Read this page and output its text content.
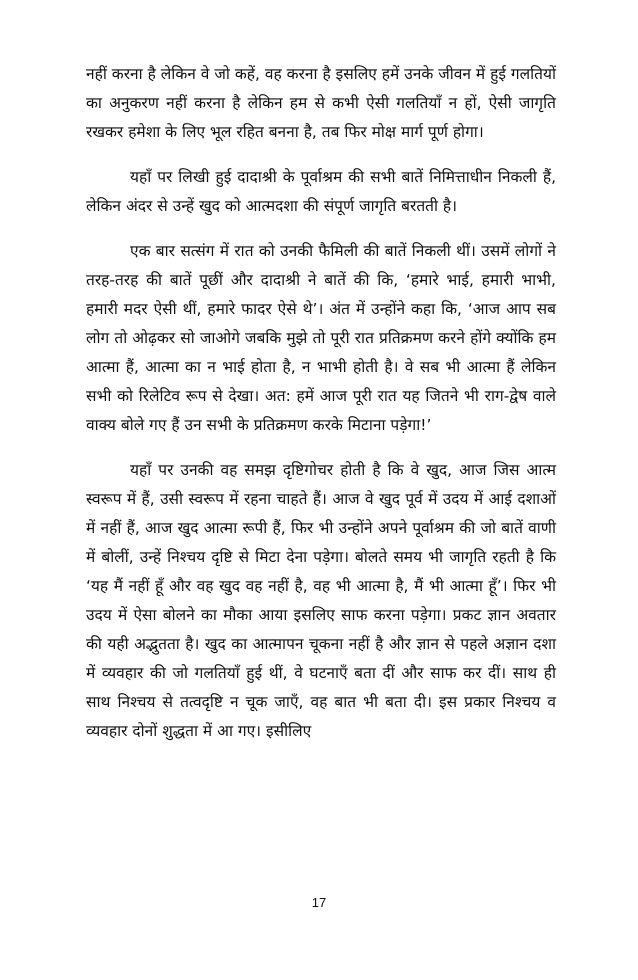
नहीं करना है लेकिन वे जो कहें, वह करना है इसलिए हमें उनके जीवन में हुई गलतियों का अनुकरण नहीं करना है लेकिन हम से कभी ऐसी गलतियाँ न हों, ऐसी जागृति रखकर हमेशा के लिए भूल रहित बनना है, तब फिर मोक्ष मार्ग पूर्ण होगा।

यहाँ पर लिखी हुई दादाश्री के पूर्वाश्रम की सभी बातें निमित्ताधीन निकली हैं, लेकिन अंदर से उन्हें खुद को आत्मदशा की संपूर्ण जागृति बरतती है।

एक बार सत्संग में रात को उनकी फैमिली की बातें निकली थीं। उसमें लोगों ने तरह-तरह की बातें पूछीं और दादाश्री ने बातें की कि, ‘हमारे भाई, हमारी भाभी, हमारी मदर ऐसी थीं, हमारे फादर ऐसे थे’। अंत में उन्होंने कहा कि, ‘आज आप सब लोग तो ओढ़कर सो जाओगे जबकि मुझे तो पूरी रात प्रतिक्रमण करने होंगे क्योंकि हम आत्मा हैं, आत्मा का न भाई होता है, न भाभी होती है। वे सब भी आत्मा हैं लेकिन सभी को रिलेटिव रूप से देखा। अत: हमें आज पूरी रात यह जितने भी राग-द्वेष वाले वाक्य बोले गए हैं उन सभी के प्रतिक्रमण करके मिटाना पड़ेगा!’

यहाँ पर उनकी वह समझ दृष्टिगोचर होती है कि वे खुद, आज जिस आत्म स्वरूप में हैं, उसी स्वरूप में रहना चाहते हैं। आज वे खुद पूर्व में उदय में आई दशाओं में नहीं हैं, आज खुद आत्मा रूपी हैं, फिर भी उन्होंने अपने पूर्वाश्रम की जो बातें वाणी में बोलीं, उन्हें निश्चय दृष्टि से मिटा देना पड़ेगा। बोलते समय भी जागृति रहती है कि ‘यह मैं नहीं हूँ और वह खुद वह नहीं है, वह भी आत्मा है, मैं भी आत्मा हूँ’। फिर भी उदय में ऐसा बोलने का मौका आया इसलिए साफ करना पड़ेगा। प्रकट ज्ञान अवतार की यही अद्भुतता है। खुद का आत्मापन चूकना नहीं है और ज्ञान से पहले अज्ञान दशा में व्यवहार की जो गलतियाँ हुई थीं, वे घटनाएँ बता दीं और साफ कर दीं। साथ ही साथ निश्चय से तत्वदृष्टि न चूक जाएँ, वह बात भी बता दी। इस प्रकार निश्चय व व्यवहार दोनों शुद्धता में आ गए। इसीलिए

17
